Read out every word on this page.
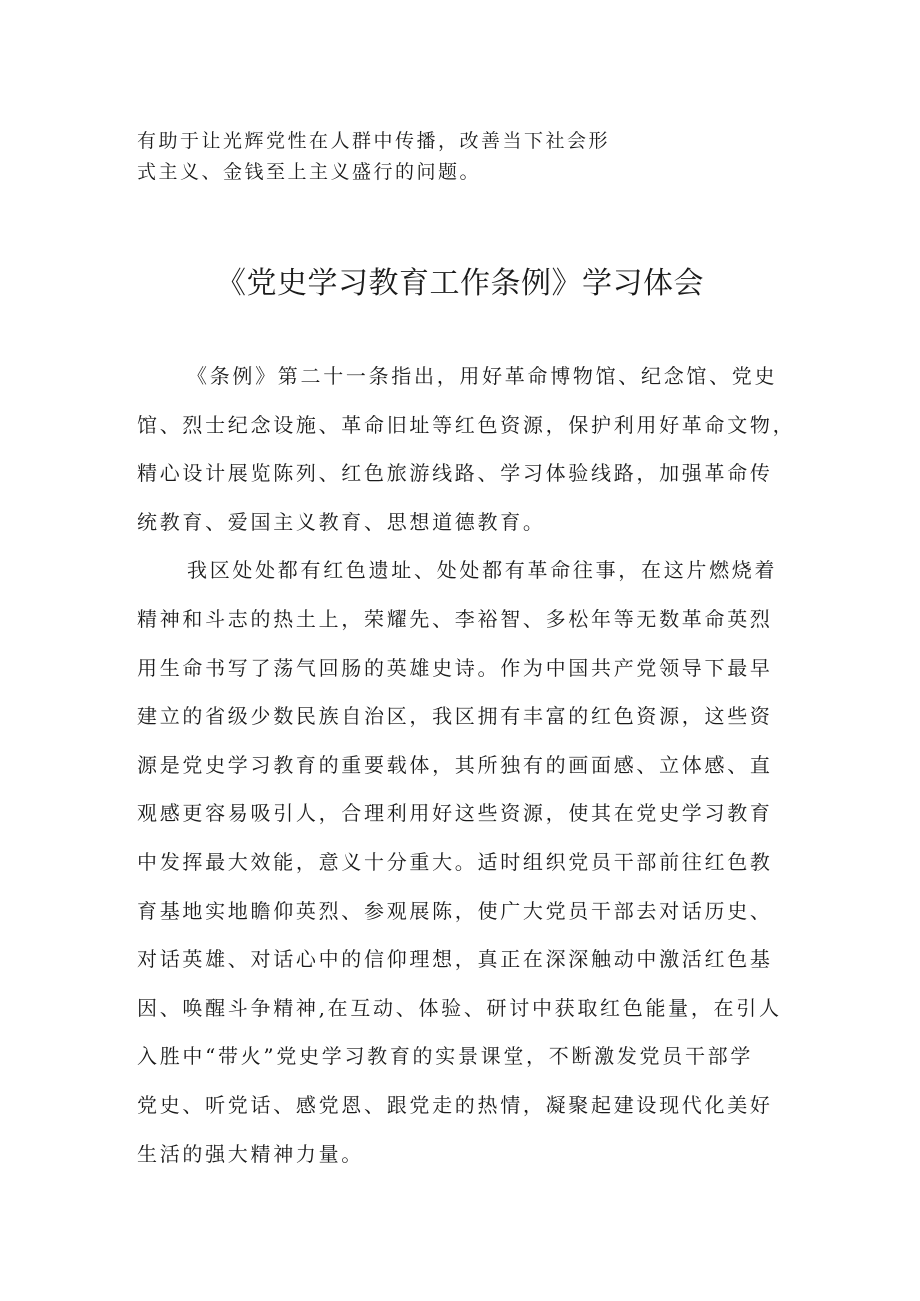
有助于让光辉党性在人群中传播，改善当下社会形
式主义、金钱至上主义盛行的问题。
《党史学习教育工作条例》学习体会
《条例》第二十一条指出，用好革命博物馆、纪念馆、党史
馆、烈士纪念设施、革命旧址等红色资源，保护利用好革命文物，
精心设计展览陈列、红色旅游线路、学习体验线路，加强革命传
统教育、爱国主义教育、思想道德教育。
我区处处都有红色遗址、处处都有革命往事，在这片燃烧着
精神和斗志的热土上，荣耀先、李裕智、多松年等无数革命英烈
用生命书写了荡气回肠的英雄史诗。作为中国共产党领导下最早
建立的省级少数民族自治区，我区拥有丰富的红色资源，这些资
源是党史学习教育的重要载体，其所独有的画面感、立体感、直
观感更容易吸引人，合理利用好这些资源，使其在党史学习教育
中发挥最大效能，意义十分重大。适时组织党员干部前往红色教
育基地实地瞻仰英烈、参观展陈，使广大党员干部去对话历史、
对话英雄、对话心中的信仰理想，真正在深深触动中激活红色基
因、唤醒斗争精神,在互动、体验、研讨中获取红色能量，在引人
入胜中“带火”党史学习教育的实景课堂，不断激发党员干部学
党史、听党话、感党恩、跟党走的热情，凝聚起建设现代化美好
生活的强大精神力量。
